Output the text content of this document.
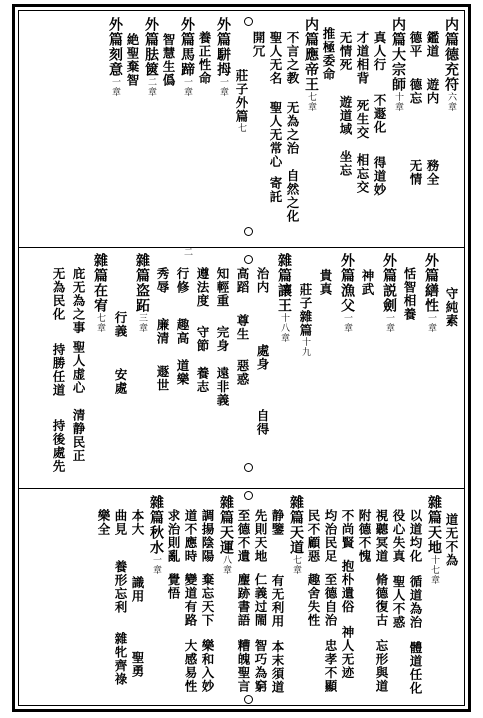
内篇德充符六章
鑑道遊内務全
德平德忘无情
内篇大宗師十章
真人行不遯化得道妙
才道相背死生交相忘交
无情死遊道域坐忘
推極委命
内篇應帝王七章
不言之教无為之治自然之化
聖人无名聖人无常心寄託
開冗
莊子外篇七
外篇駢拇一章
養正性命
外篇馬蹄一章二
智慧生僞
外篇胠篋二章
絶聖棄智
外篇刻意一章
守純素
外篇繕性一章
恬智相養
外篇説劍一章
神武
外篇漁父一章
貴真
莊子雜篇十九
雜篇讓王十八章
治内處身自得
高蹈尊生惡惑
知輕重完身遠非義
遵法度守節養志
行修趣高道樂
秀辱廉清遯世
雜篇盗跖三章
行義安處
雜篇在宥七章
庇无為之事聖人虚心清静民正
无為民化持勝任道持後處先
道无不為
雜篇天地十七章
以道均化循道為治體道任化
役心失真聖人不惑
視聽冥道脩德復古忘形與道
附德不愧
不尚賢抱朴遺俗神人无迹
均治民足至德自治忠孝不顯
民不顧惡趣舍失性
雜篇天道七章
静鑒有无利用本末須道
先則天地仁義过閙智巧為窮
至德不遺麈跡書語糟魄聖言
雜篇天運八章
調揚陰陽棄忘天下樂和入妙
道不應時變道有路大感易性
求治則亂覺悟
雜篇秋水一章
本大識用聖勇
曲見養形忘利雜牝齊祿
樂全
